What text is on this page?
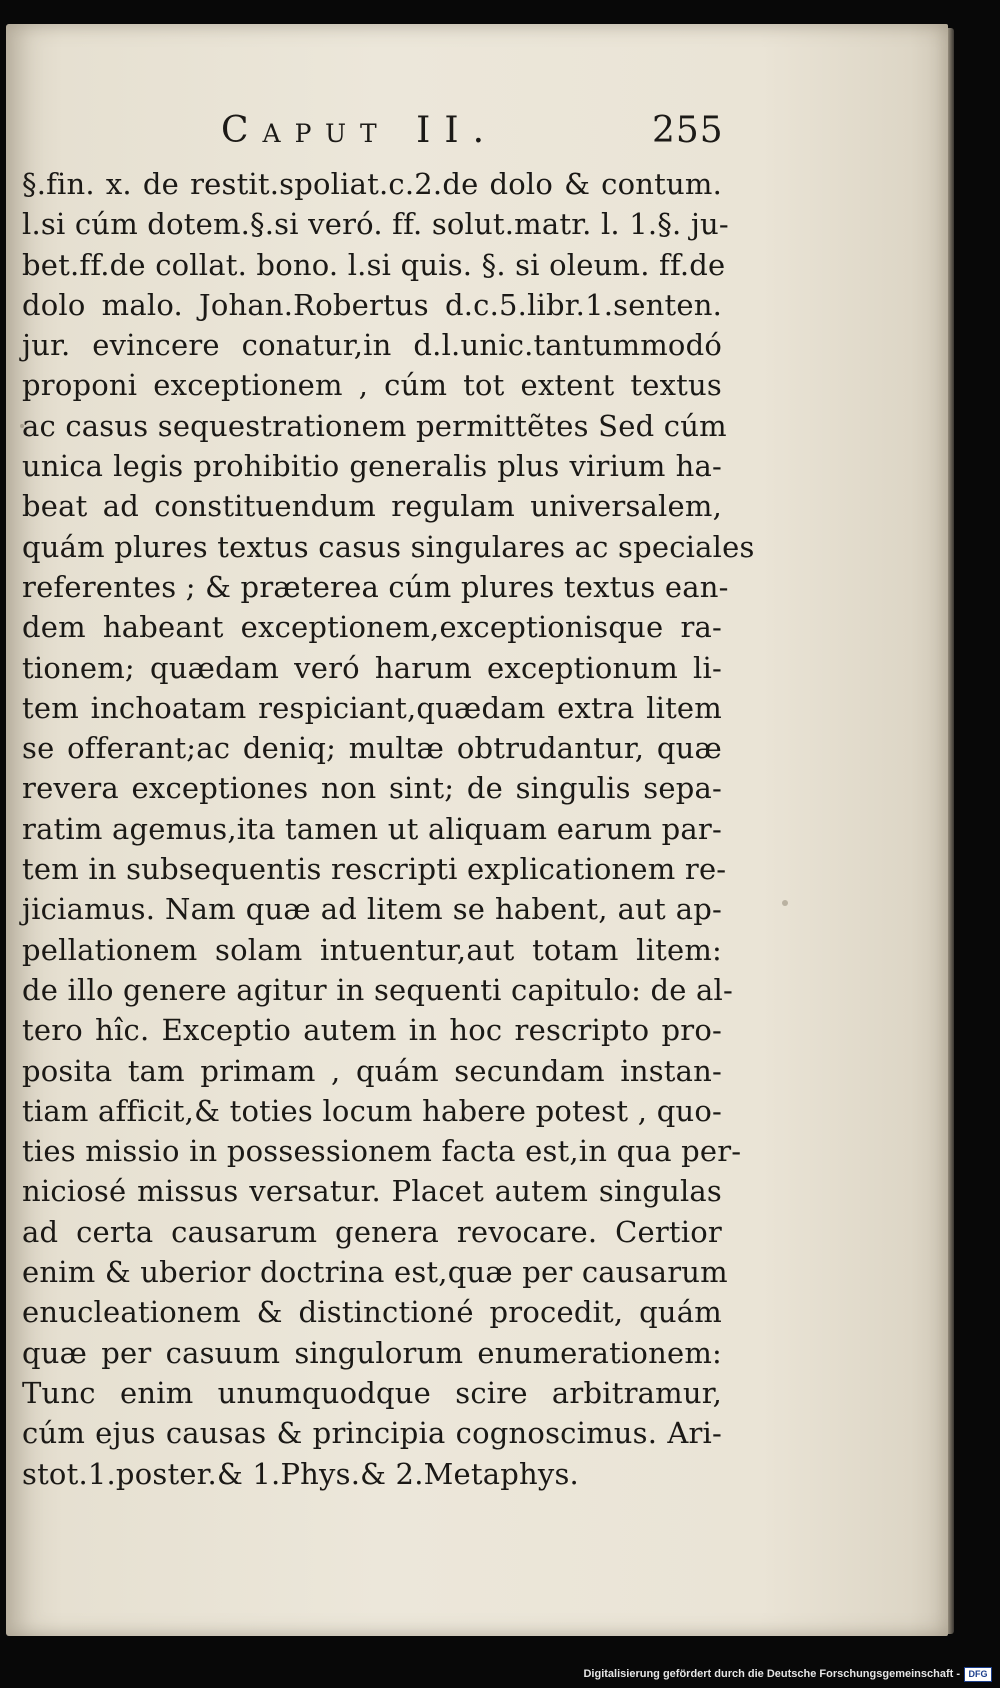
Caput II.	255
§.fin. x. de restit.spoliat.c.2.de dolo & contum.
l.si cúm dotem.§.si veró. ff. solut.matr. l. 1.§. ju-
bet.ff.de collat. bono. l.si quis. §. si oleum. ff.de
dolo malo. Johan.Robertus d.c.5.libr.1.senten.
jur. evincere conatur,in d.l.unic.tantummodó
proponi exceptionem , cúm tot extent textus
ac casus sequestrationem permittẽtes Sed cúm
unica legis prohibitio generalis plus virium ha-
beat ad constituendum regulam universalem,
quám plures textus casus singulares ac speciales
referentes ; & præterea cúm plures textus ean-
dem habeant exceptionem,exceptionisque ra-
tionem; quædam veró harum exceptionum li-
tem inchoatam respiciant,quædam extra litem
se offerant;ac deniq; multæ obtrudantur, quæ
revera exceptiones non sint; de singulis sepa-
ratim agemus,ita tamen ut aliquam earum par-
tem in subsequentis rescripti explicationem re-
jiciamus. Nam quæ ad litem se habent, aut ap-
pellationem solam intuentur,aut totam litem:
de illo genere agitur in sequenti capitulo: de al-
tero hîc. Exceptio autem in hoc rescripto pro-
posita tam primam , quám secundam instan-
tiam afficit,& toties locum habere potest , quo-
ties missio in possessionem facta est,in qua per-
niciosé missus versatur. Placet autem singulas
ad certa causarum genera revocare. Certior
enim & uberior doctrina est,quæ per causarum
enucleationem & distinctioné procedit, quám
quæ per casuum singulorum enumerationem:
Tunc enim unumquodque scire arbitramur,
cúm ejus causas & principia cognoscimus. Ari-
stot.1.poster.& 1.Phys.& 2.Metaphys.
Digitalisierung gefördert durch die Deutsche Forschungsgemeinschaft - DFG
